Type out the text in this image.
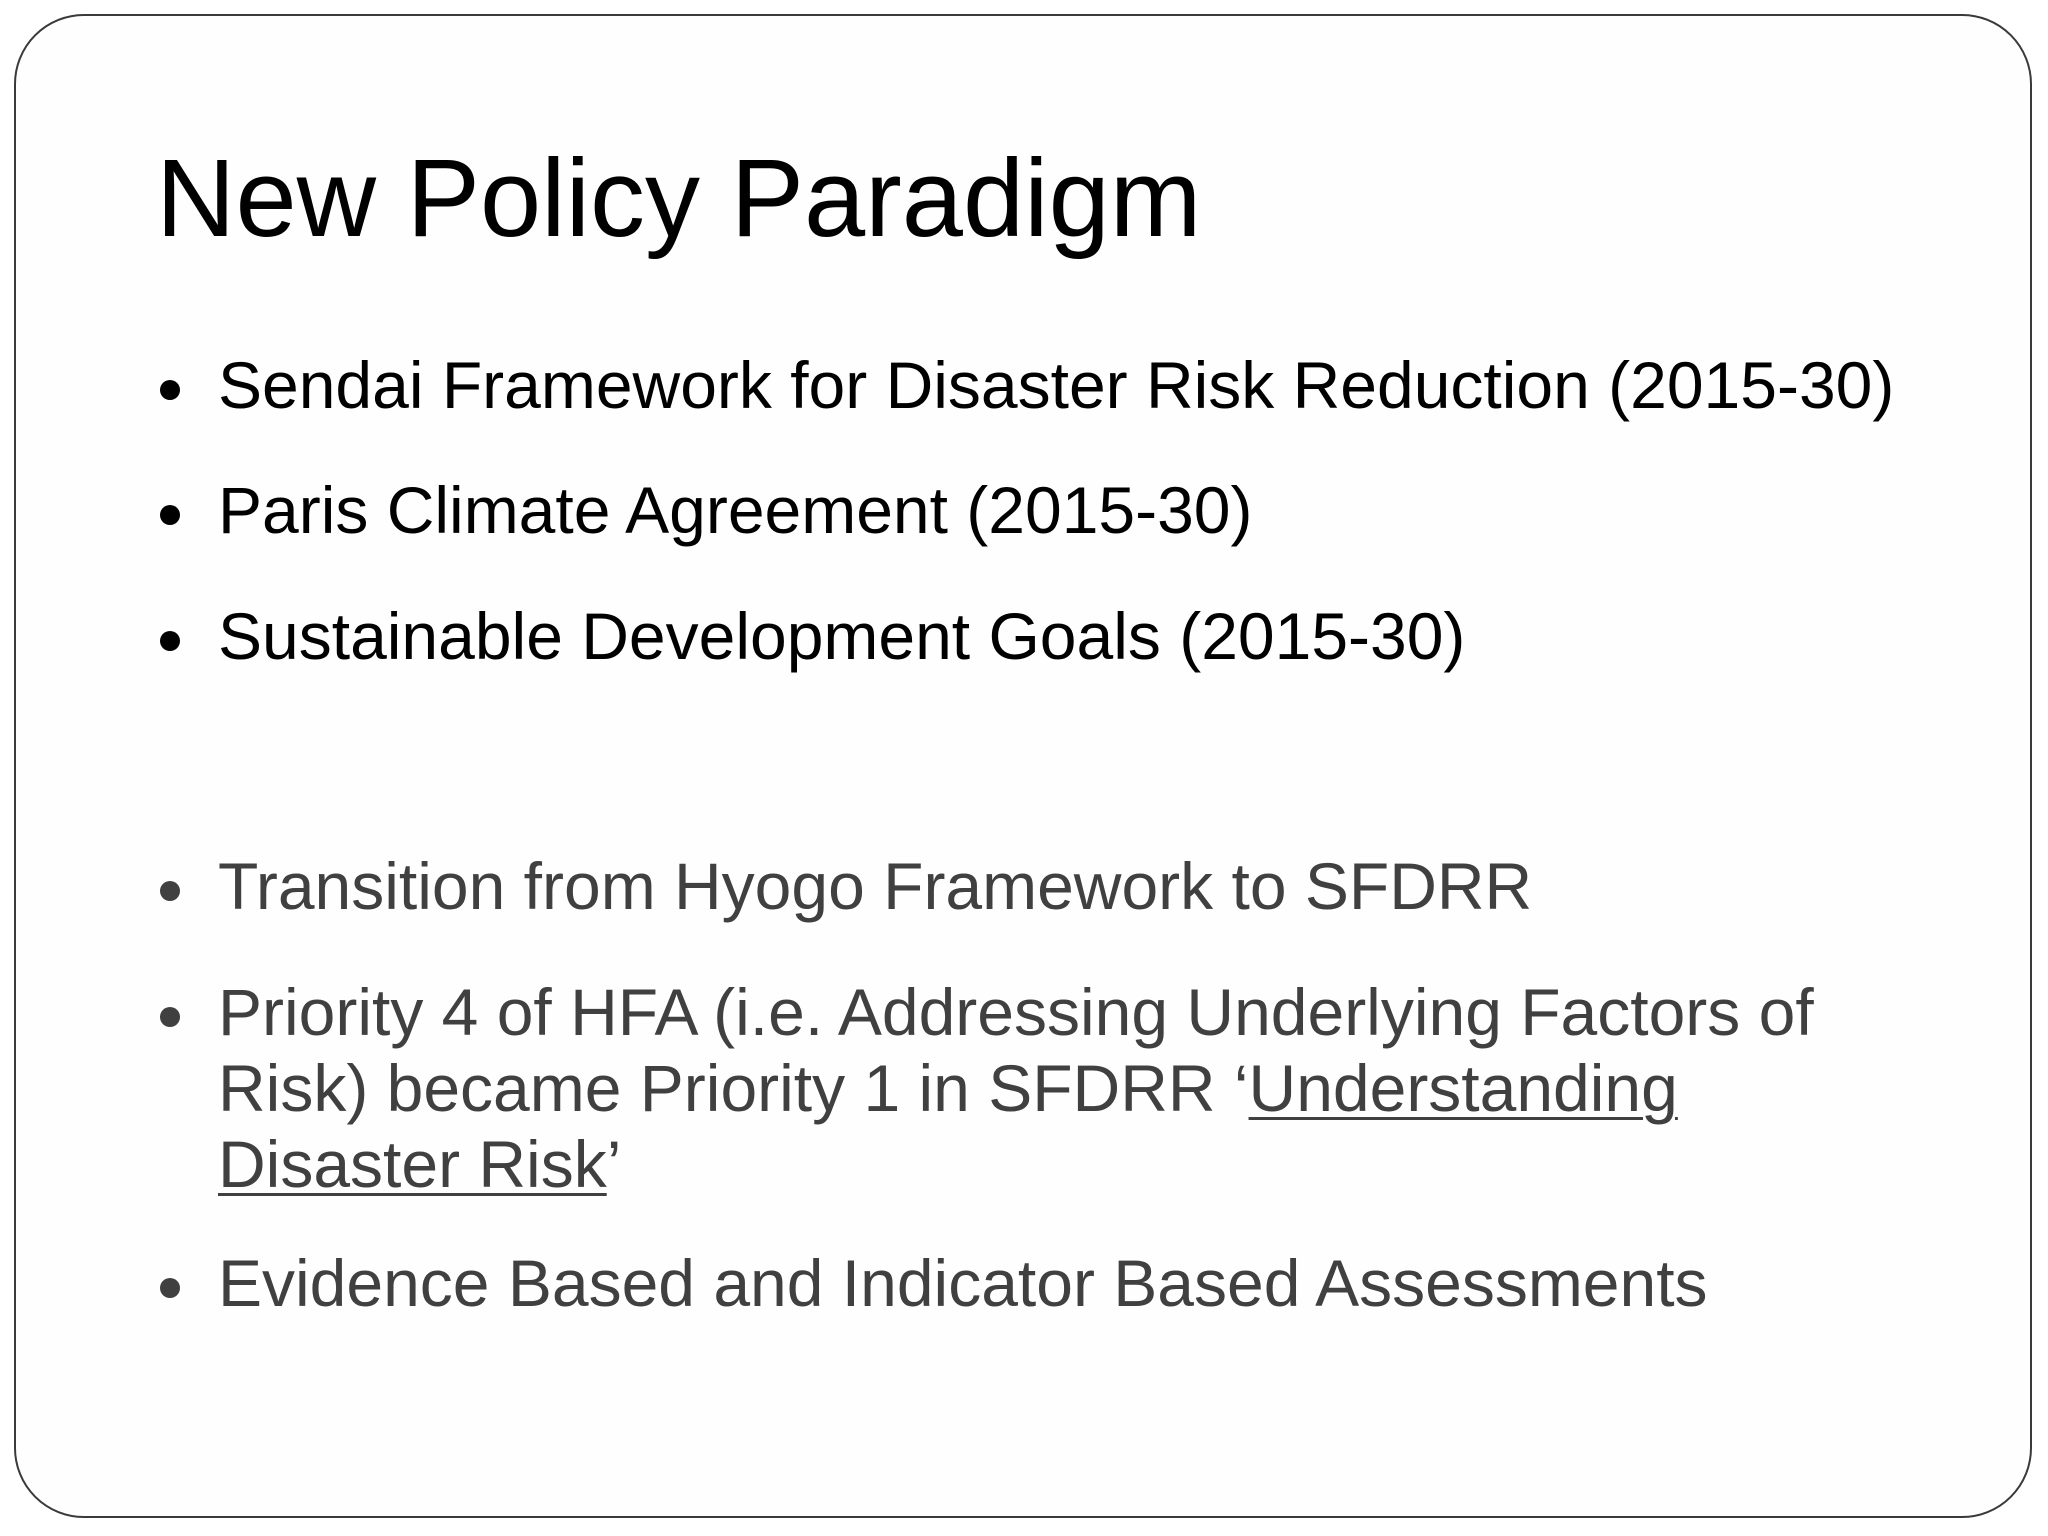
New Policy Paradigm
Sendai Framework for Disaster Risk Reduction (2015-30)
Paris Climate Agreement (2015-30)
Sustainable Development Goals (2015-30)
Transition from Hyogo Framework to SFDRR
Priority 4 of HFA (i.e. Addressing Underlying Factors of
Risk) became Priority 1 in SFDRR ‘Understanding
Disaster Risk’
Evidence Based and Indicator Based Assessments
